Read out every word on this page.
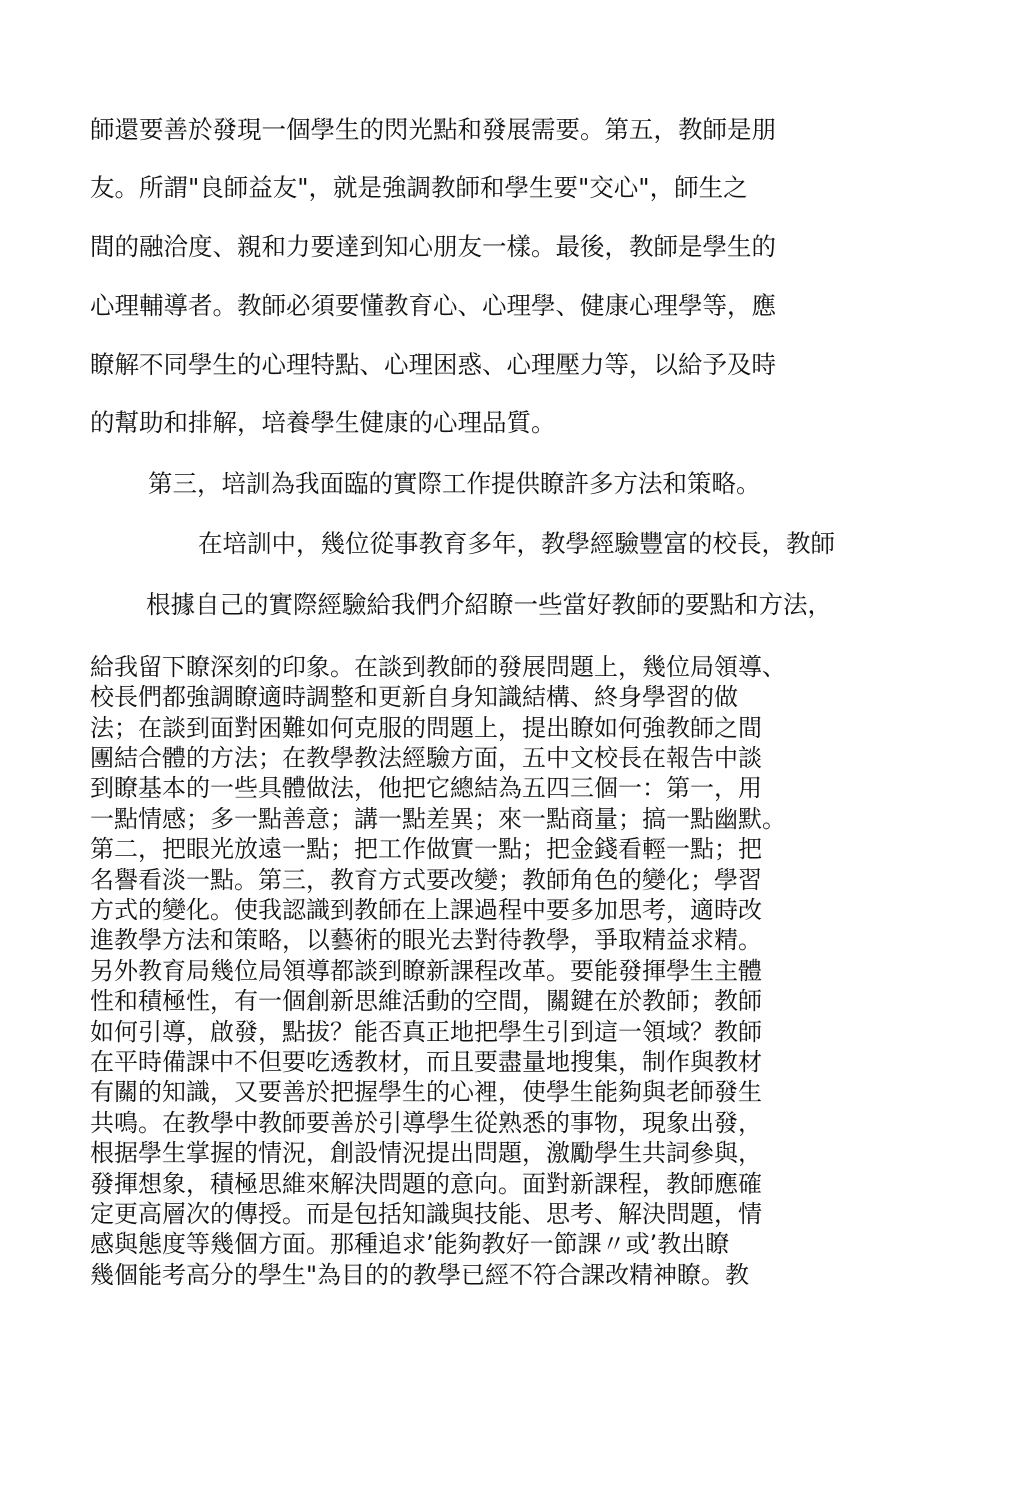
師還要善於發現一個學生的閃光點和發展需要。第五，教師是朋
友。所謂"良師益友"，就是強調教師和學生要"交心"，師生之
間的融洽度、親和力要達到知心朋友一樣。最後，教師是學生的
心理輔導者。教師必須要懂教育心、心理學、健康心理學等，應
瞭解不同學生的心理特點、心理困惑、心理壓力等，以給予及時
的幫助和排解，培養學生健康的心理品質。
第三，培訓為我面臨的實際工作提供瞭許多方法和策略。
在培訓中，幾位從事教育多年，教學經驗豐富的校長，教師
根據自己的實際經驗給我們介紹瞭一些當好教師的要點和方法，
給我留下瞭深刻的印象。在談到教師的發展問題上，幾位局領導、
校長們都強調瞭適時調整和更新自身知識結構、終身學習的做
法；在談到面對困難如何克服的問題上，提出瞭如何強教師之間
團結合體的方法；在教學教法經驗方面，五中文校長在報告中談
到瞭基本的一些具體做法，他把它總結為五四三個一：第一，用
一點情感；多一點善意；講一點差異；來一點商量；搞一點幽默。
第二，把眼光放遠一點；把工作做實一點；把金錢看輕一點；把
名譽看淡一點。第三，教育方式要改變；教師角色的變化；學習
方式的變化。使我認識到教師在上課過程中要多加思考，適時改
進教學方法和策略，以藝術的眼光去對待教學，爭取精益求精。
另外教育局幾位局領導都談到瞭新課程改革。要能發揮學生主體
性和積極性，有一個創新思維活動的空間，關鍵在於教師；教師
如何引導，啟發，點拔？能否真正地把學生引到這一領域？教師
在平時備課中不但要吃透教材，而且要盡量地搜集，制作與教材
有關的知識，又要善於把握學生的心裡，使學生能夠與老師發生
共鳴。在教學中教師要善於引導學生從熟悉的事物，現象出發，
根据學生掌握的情況，創設情況提出問題，激勵學生共詞參與，
發揮想象，積極思維來解決問題的意向。面對新課程，教師應確
定更高層次的傳授。而是包括知識與技能、思考、解決問題，情
感與態度等幾個方面。那種追求’能夠教好一節課〃或’教出瞭
幾個能考高分的學生"為目的的教學已經不符合課改精神瞭。教
